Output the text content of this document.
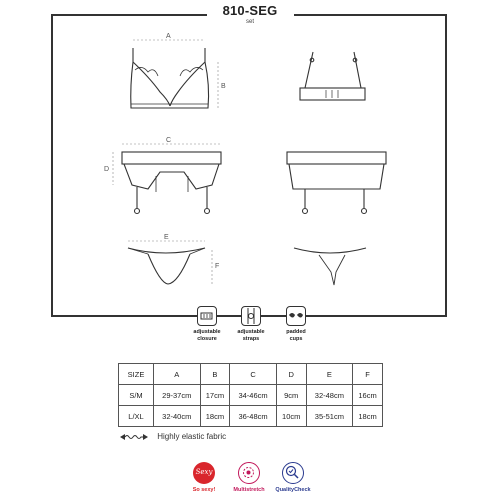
810-SEG
set
A
B
C
D
E
F
adjustable
closure
adjustable
straps
padded
cups
SIZE	A	B	C	D	E	F
S/M	29-37cm	17cm	34-46cm	9cm	32-48cm	16cm
L/XL	32-40cm	18cm	36-48cm	10cm	35-51cm	18cm
Highly elastic fabric
Sexy
So sexy!	Multistretch	QualityCheck
